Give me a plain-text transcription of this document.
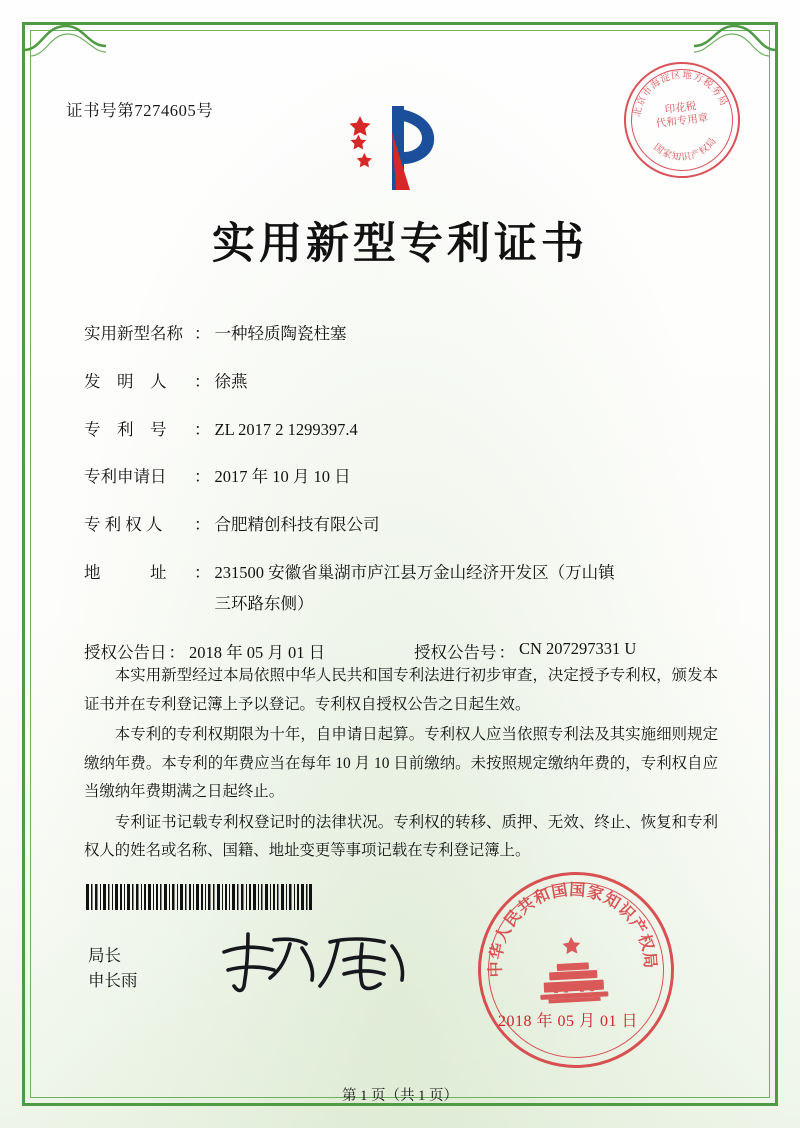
证书号第7274605号	北京市海淀区地方税务局
国家知识产权局
印花税
代和专用章
实用新型专利证书
实用新型名称 ： 一种轻质陶瓷柱塞
发　明　人	： 徐燕
专　利　号	： ZL 2017 2 1299397.4
专利申请日	： 2017 年 10 月 10 日
专 利 权 人	： 合肥精创科技有限公司
地　　　址	： 231500 安徽省巢湖市庐江县万金山经济开发区（万山镇
三环路东侧）
授权公告日 ： 2018 年 05 月 01 日	授权公告号 ： CN 207297331 U

本实用新型经过本局依照中华人民共和国专利法进行初步审查，决定授予专利权，颁发本证书并在专利登记簿上予以登记。专利权自授权公告之日起生效。

本专利的专利权期限为十年，自申请日起算。专利权人应当依照专利法及其实施细则规定缴纳年费。本专利的年费应当在每年 10 月 10 日前缴纳。未按照规定缴纳年费的，专利权自应当缴纳年费期满之日起终止。

专利证书记载专利权登记时的法律状况。专利权的转移、质押、无效、终止、恢复和专利权人的姓名或名称、国籍、地址变更等事项记载在专利登记簿上。

局长
申长雨
中华人民共和国国家知识产权局
2018 年 05 月 01 日
第 1 页（共 1 页）
